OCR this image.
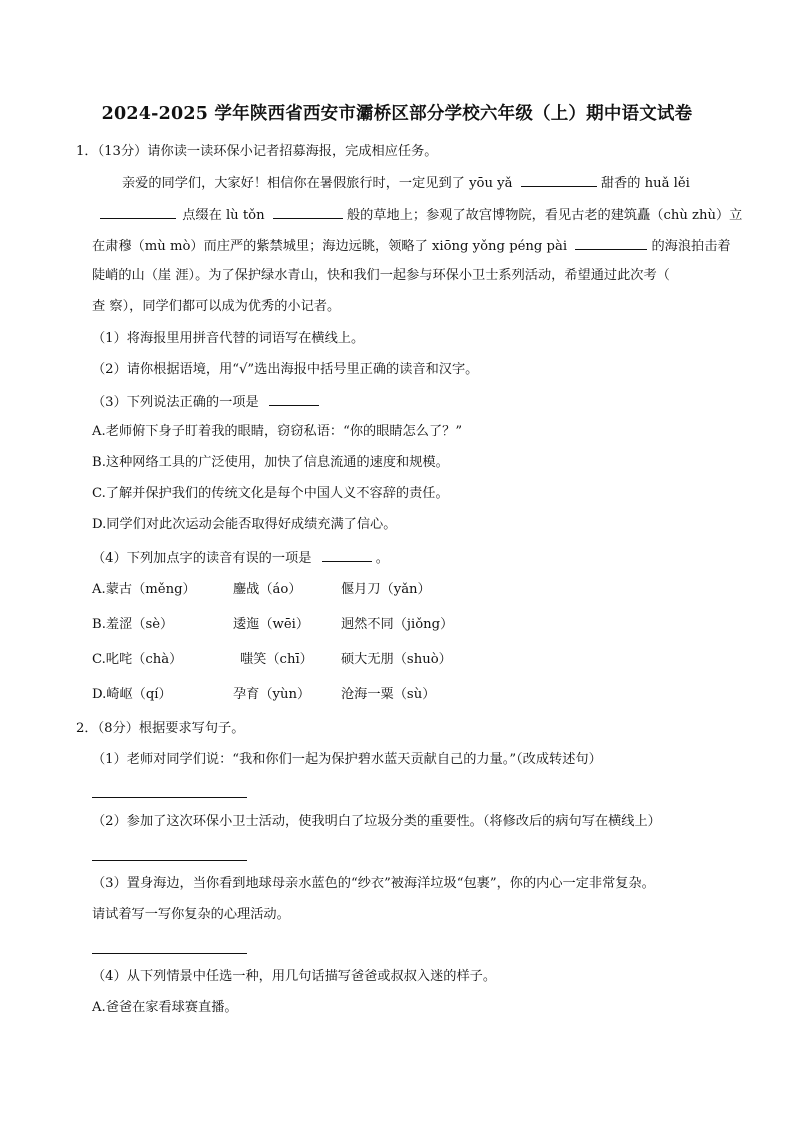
2024-2025 学年陕西省西安市灞桥区部分学校六年级（上）期中语文试卷
1．（13分）请你读一读环保小记者招募海报，完成相应任务。
亲爱的同学们，大家好！相信你在暑假旅行时，一定见到了 yōu yǎ	甜香的 huǎ lěi
点缀在 lù tǒn	般的草地上；参观了故宫博物院，看见古老的建筑矗（chù zhù）立
在肃穆（mù mò）而庄严的紫禁城里；海边远眺，领略了 xiōng yǒng péng pài	的海浪拍击着
陡峭的山（崖 涯）。为了保护绿水青山，快和我们一起参与环保小卫士系列活动，希望通过此次考（
查 察），同学们都可以成为优秀的小记者。
（1）将海报里用拼音代替的词语写在横线上。
（2）请你根据语境，用“√”选出海报中括号里正确的读音和汉字。
（3）下列说法正确的一项是
A.老师俯下身子盯着我的眼睛，窃窃私语：“你的眼睛怎么了？”
B.这种网络工具的广泛使用，加快了信息流通的速度和规模。
C.了解并保护我们的传统文化是每个中国人义不容辞的责任。
D.同学们对此次运动会能否取得好成绩充满了信心。
（4）下列加点字的读音有误的一项是	。
A.蒙古（měng）	鏖战（áo）	偃月刀（yǎn）
B.羞涩（sè）	逶迤（wēi） 迥然不同（jiǒng）
C.叱咤（chà）	嗤笑（chī） 硕大无朋（shuò）
D.崎岖（qí）	孕育（yùn） 沧海一粟（sù）
2．（8分）根据要求写句子。
（1）老师对同学们说：“我和你们一起为保护碧水蓝天贡献自己的力量。”（改成转述句）
（2）参加了这次环保小卫士活动，使我明白了垃圾分类的重要性。（将修改后的病句写在横线上）
（3）置身海边，当你看到地球母亲水蓝色的“纱衣”被海洋垃圾“包裹”，你的内心一定非常复杂。
请试着写一写你复杂的心理活动。
（4）从下列情景中任选一种，用几句话描写爸爸或叔叔入迷的样子。
A.爸爸在家看球赛直播。
